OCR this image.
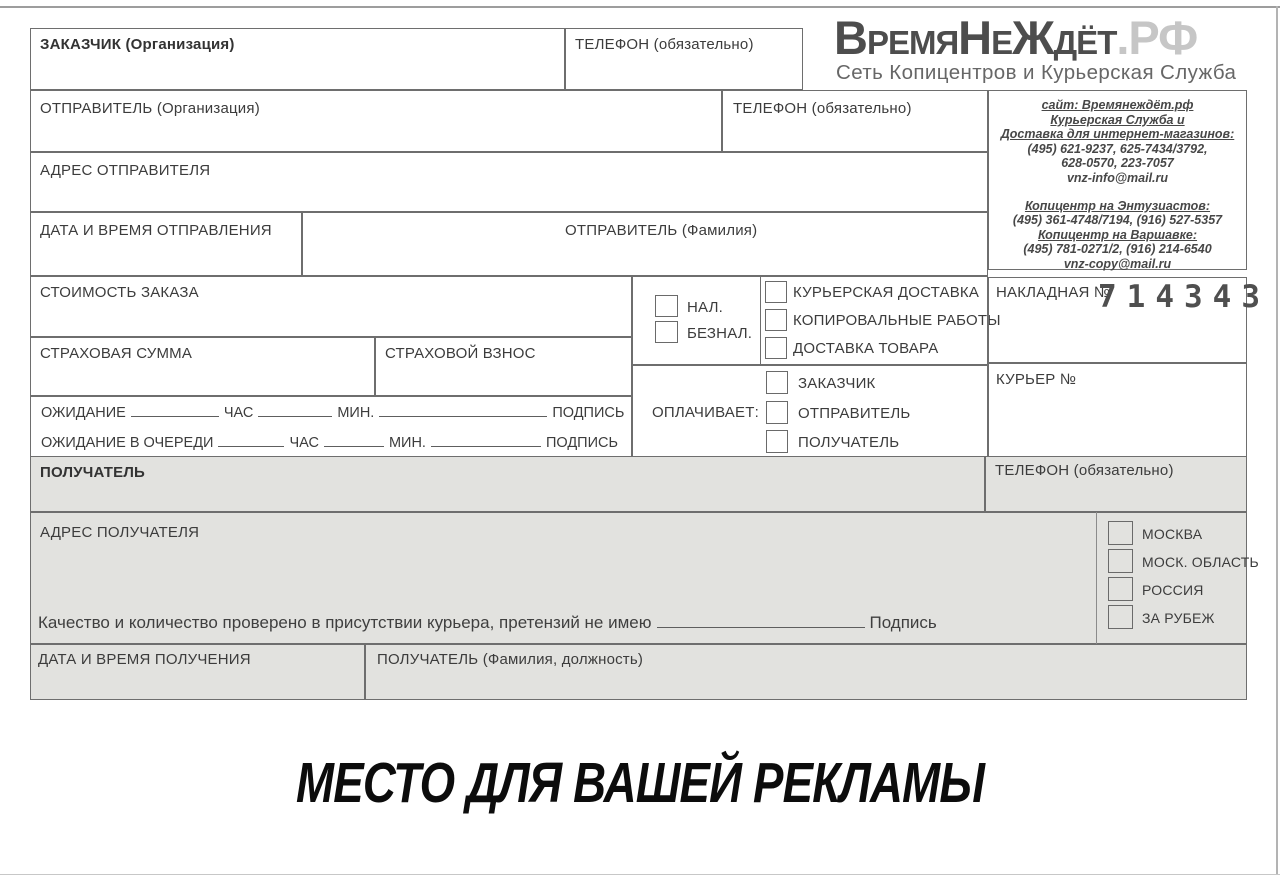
ВремяНеЖдёт.РФ
Сеть Копицентров и Курьерская Служба
ЗАКАЗЧИК (Организация)	ТЕЛЕФОН (обязательно)
ОТПРАВИТЕЛЬ (Организация)	ТЕЛЕФОН (обязательно)	сайт: Времянеждёт.рф
Курьерская Служба и
Доставка для интернет-магазинов:
(495) 621-9237, 625-7434/3792,
628-0570, 223-7057
vnz-info@mail.ru
Копицентр на Энтузиастов:
(495) 361-4748/7194, (916) 527-5357
Копицентр на Варшавке:
(495) 781-0271/2, (916) 214-6540
vnz-copy@mail.ru
АДРЕС ОТПРАВИТЕЛЯ
ДАТА И ВРЕМЯ ОТПРАВЛЕНИЯ	ОТПРАВИТЕЛЬ (Фамилия)
СТОИМОСТЬ ЗАКАЗА
СТРАХОВАЯ СУММА	СТРАХОВОЙ ВЗНОС
ОЖИДАНИЕ	ЧАС	МИН.	ПОДПИСЬ
ОЖИДАНИЕ В ОЧЕРЕДИ	ЧАС	МИН.	ПОДПИСЬ
НАЛ.
БЕЗНАЛ.
КУРЬЕРСКАЯ ДОСТАВКА
КОПИРОВАЛЬНЫЕ РАБОТЫ
ДОСТАВКА ТОВАРА
ОПЛАЧИВАЕТ:
ЗАКАЗЧИК
ОТПРАВИТЕЛЬ
ПОЛУЧАТЕЛЬ
НАКЛАДНАЯ №
714343
КУРЬЕР №
ПОЛУЧАТЕЛЬ	ТЕЛЕФОН (обязательно)
АДРЕС ПОЛУЧАТЕЛЯ	МОСКВА
МОСК. ОБЛАСТЬ
РОССИЯ
ЗА РУБЕЖ
Качество и количество проверено в присутствии курьера, претензий не имею	Подпись
ДАТА И ВРЕМЯ ПОЛУЧЕНИЯ	ПОЛУЧАТЕЛЬ (Фамилия, должность)
МЕСТО ДЛЯ ВАШЕЙ РЕКЛАМЫ
